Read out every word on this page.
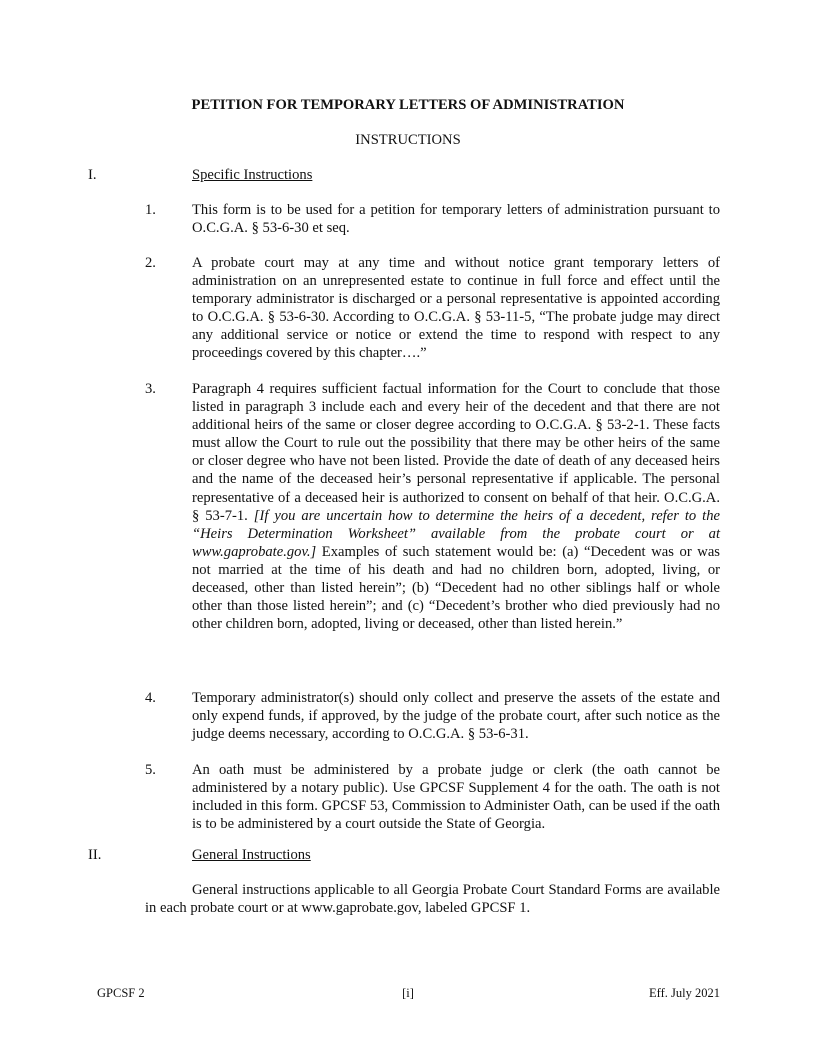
PETITION FOR TEMPORARY LETTERS OF ADMINISTRATION
INSTRUCTIONS
I.	Specific Instructions
1. This form is to be used for a petition for temporary letters of administration pursuant to O.C.G.A. § 53-6-30 et seq.
2. A probate court may at any time and without notice grant temporary letters of administration on an unrepresented estate to continue in full force and effect until the temporary administrator is discharged or a personal representative is appointed according to O.C.G.A. § 53-6-30. According to O.C.G.A. § 53-11-5, “The probate judge may direct any additional service or notice or extend the time to respond with respect to any proceedings covered by this chapter….”
3. Paragraph 4 requires sufficient factual information for the Court to conclude that those listed in paragraph 3 include each and every heir of the decedent and that there are not additional heirs of the same or closer degree according to O.C.G.A. § 53-2-1. These facts must allow the Court to rule out the possibility that there may be other heirs of the same or closer degree who have not been listed. Provide the date of death of any deceased heirs and the name of the deceased heir’s personal representative if applicable. The personal representative of a deceased heir is authorized to consent on behalf of that heir. O.C.G.A. § 53-7-1. [If you are uncertain how to determine the heirs of a decedent, refer to the “Heirs Determination Worksheet” available from the probate court or at www.gaprobate.gov.] Examples of such statement would be: (a) “Decedent was or was not married at the time of his death and had no children born, adopted, living, or deceased, other than listed herein”; (b) “Decedent had no other siblings half or whole other than those listed herein”; and (c) “Decedent’s brother who died previously had no other children born, adopted, living or deceased, other than listed herein.”
4. Temporary administrator(s) should only collect and preserve the assets of the estate and only expend funds, if approved, by the judge of the probate court, after such notice as the judge deems necessary, according to O.C.G.A. § 53-6-31.
5. An oath must be administered by a probate judge or clerk (the oath cannot be administered by a notary public). Use GPCSF Supplement 4 for the oath. The oath is not included in this form. GPCSF 53, Commission to Administer Oath, can be used if the oath is to be administered by a court outside the State of Georgia.
II.	General Instructions
General instructions applicable to all Georgia Probate Court Standard Forms are available in each probate court or at www.gaprobate.gov, labeled GPCSF 1.
GPCSF 2	[i]	Eff. July 2021
